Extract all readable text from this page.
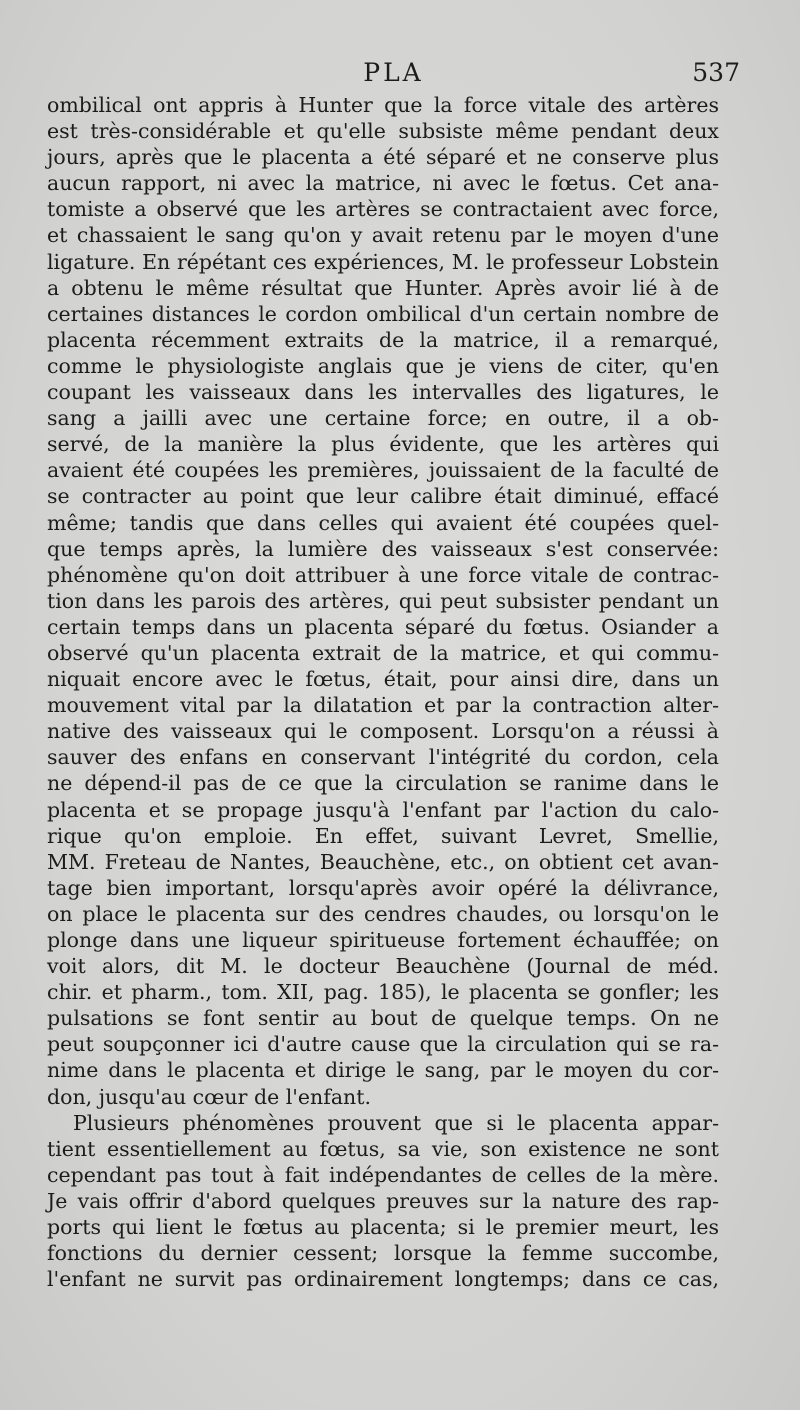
PLA	537
ombilical ont appris à Hunter que la force vitale des artères
est très-considérable et qu'elle subsiste même pendant deux
jours, après que le placenta a été séparé et ne conserve plus
aucun rapport, ni avec la matrice, ni avec le fœtus. Cet ana-
tomiste a observé que les artères se contractaient avec force,
et chassaient le sang qu'on y avait retenu par le moyen d'une
ligature. En répétant ces expériences, M. le professeur Lobstein
a obtenu le même résultat que Hunter. Après avoir lié à de
certaines distances le cordon ombilical d'un certain nombre de
placenta récemment extraits de la matrice, il a remarqué,
comme le physiologiste anglais que je viens de citer, qu'en
coupant les vaisseaux dans les intervalles des ligatures, le
sang a jailli avec une certaine force; en outre, il a ob-
servé, de la manière la plus évidente, que les artères qui
avaient été coupées les premières, jouissaient de la faculté de
se contracter au point que leur calibre était diminué, effacé
même; tandis que dans celles qui avaient été coupées quel-
que temps après, la lumière des vaisseaux s'est conservée:
phénomène qu'on doit attribuer à une force vitale de contrac-
tion dans les parois des artères, qui peut subsister pendant un
certain temps dans un placenta séparé du fœtus. Osiander a
observé qu'un placenta extrait de la matrice, et qui commu-
niquait encore avec le fœtus, était, pour ainsi dire, dans un
mouvement vital par la dilatation et par la contraction alter-
native des vaisseaux qui le composent. Lorsqu'on a réussi à
sauver des enfans en conservant l'intégrité du cordon, cela
ne dépend-il pas de ce que la circulation se ranime dans le
placenta et se propage jusqu'à l'enfant par l'action du calo-
rique qu'on emploie. En effet, suivant Levret, Smellie,
MM. Freteau de Nantes, Beauchène, etc., on obtient cet avan-
tage bien important, lorsqu'après avoir opéré la délivrance,
on place le placenta sur des cendres chaudes, ou lorsqu'on le
plonge dans une liqueur spiritueuse fortement échauffée; on
voit alors, dit M. le docteur Beauchène (Journal de méd.
chir. et pharm., tom. XII, pag. 185), le placenta se gonfler; les
pulsations se font sentir au bout de quelque temps. On ne
peut soupçonner ici d'autre cause que la circulation qui se ra-
nime dans le placenta et dirige le sang, par le moyen du cor-
don, jusqu'au cœur de l'enfant.
Plusieurs phénomènes prouvent que si le placenta appar-
tient essentiellement au fœtus, sa vie, son existence ne sont
cependant pas tout à fait indépendantes de celles de la mère.
Je vais offrir d'abord quelques preuves sur la nature des rap-
ports qui lient le fœtus au placenta; si le premier meurt, les
fonctions du dernier cessent; lorsque la femme succombe,
l'enfant ne survit pas ordinairement longtemps; dans ce cas,
